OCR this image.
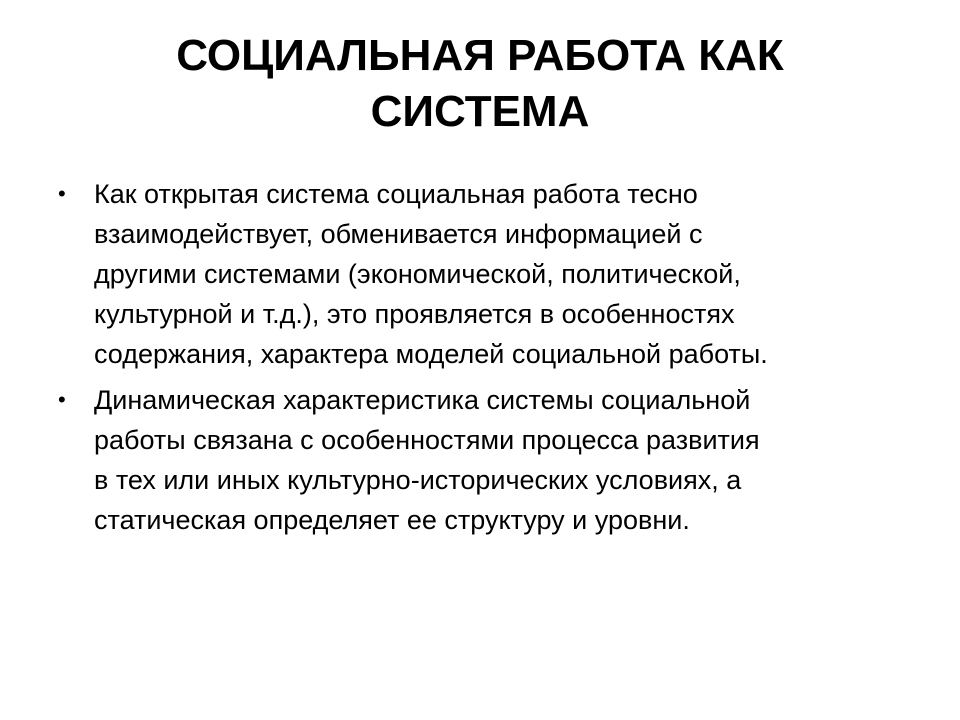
СОЦИАЛЬНАЯ РАБОТА КАК
СИСТЕМА
•	Как открытая система социальная работа тесно
взаимодействует, обменивается информацией с
другими системами (экономической, политической,
культурной и т.д.), это проявляется в особенностях
содержания, характера моделей социальной работы.
•	Динамическая характеристика системы социальной
работы связана с особенностями процесса развития
в тех или иных культурно-исторических условиях, а
статическая определяет ее структуру и уровни.
